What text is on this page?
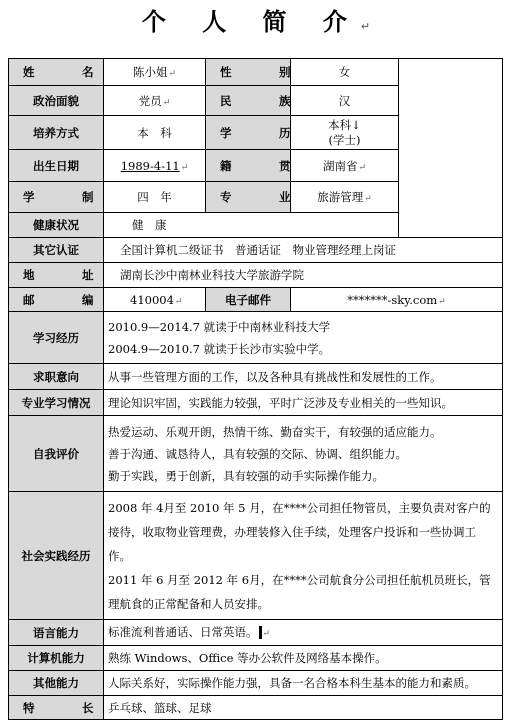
个 人 简 介↵
姓　名	陈小姐↵	性　别	女	
政治面貌	党员↵	民　族	汉	
培养方式	本　科	学　历	本科↓
(学士)	

出生日期	1989-4-11↵	籍　贯	湖南省↵	
学　制	四　年	专　业	旅游管理↵	
健康状况	健　康			
其它认证	全国计算机二级证书　普通话证　物业管理经理上岗证			
地　址	湖南长沙中南林业科技大学旅游学院			
邮　编	410004↵	电子邮件	*******-sky.com↵	
学习经历	2010.9—2014.7 就读于中南林业科技大学

2004.9—2010.7 就读于长沙市实验中学。			

求职意向	从事一些管理方面的工作，以及各种具有挑战性和发展性的工作。			
专业学习情况	理论知识牢固，实践能力较强，平时广泛涉及专业相关的一些知识。			
自我评价	热爱运动、乐观开朗，热情干练、勤奋实干，有较强的适应能力。

善于沟通、诚恳待人，具有较强的交际、协调、组织能力。

勤于实践，勇于创新，具有较强的动手实际操作能力。			

社会实践经历	2008 年 4月至 2010 年 5 月，在****公司担任物管员，主要负责对客户的接待，收取物业管理费，办理装修入住手续，处理客户投诉和一些协调工作。

2011 年 6 月至 2012 年 6月，在****公司航食分公司担任航机员班长，管理航食的正常配备和人员安排。			

语言能力	标准流利普通话、日常英语。 ↵			
计算机能力	熟练 Windows、Office 等办公软件及网络基本操作。			
其他能力	人际关系好，实际操作能力强，具备一名合格本科生基本的能力和素质。			
特　长	乒乓球、篮球、足球			
